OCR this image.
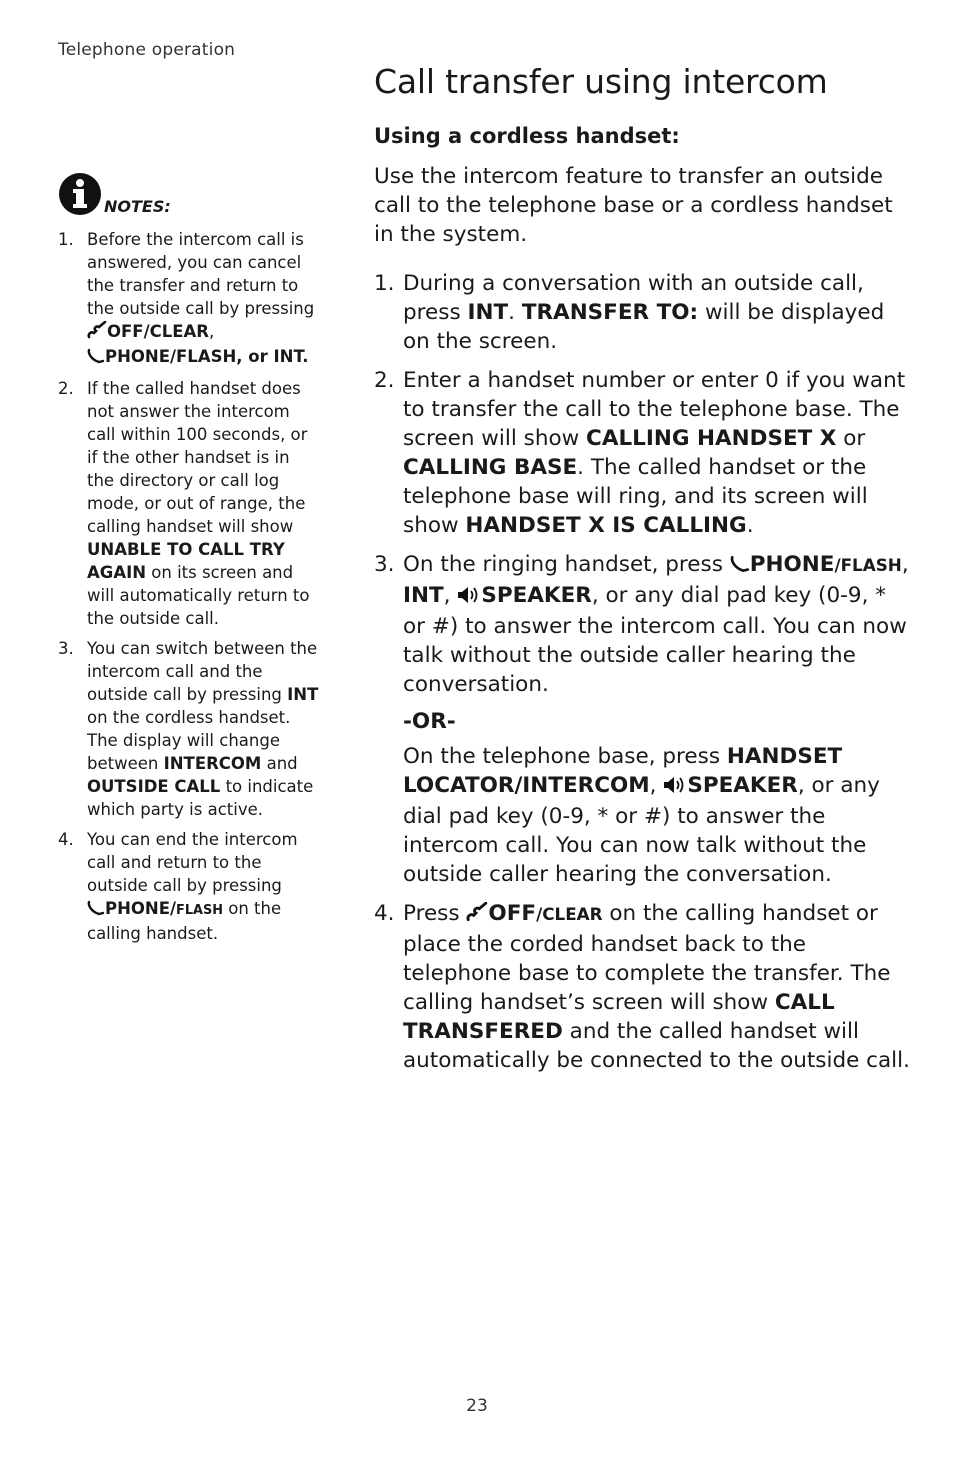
Telephone operation
Call transfer using intercom
NOTES:
1. Before the intercom call is answered, you can cancel the transfer and return to the outside call by pressing OFF/CLEAR,
PHONE/FLASH, or INT.
2. If the called handset does not answer the intercom call within 100 seconds, or if the other handset is in the directory or call log mode, or out of range, the calling handset will show UNABLE TO CALL TRY AGAIN on its screen and will automatically return to the outside call.
3. You can switch between the intercom call and the outside call by pressing INT on the cordless handset. The display will change between INTERCOM and OUTSIDE CALL to indicate which party is active.
4. You can end the intercom call and return to the outside call by pressing
PHONE/FLASH on the calling handset.

Using a cordless handset:

Use the intercom feature to transfer an outside call to the telephone base or a cordless handset in the system.

1. During a conversation with an outside call, press INT. TRANSFER TO: will be displayed on the screen.
2. Enter a handset number or enter 0 if you want to transfer the call to the telephone base. The screen will show CALLING HANDSET X or CALLING BASE. The called handset or the telephone base will ring, and its screen will show HANDSET X IS CALLING.
3. On the ringing handset, press PHONE/FLASH, INT, SPEAKER, or any dial pad key (0-9, * or #) to answer the intercom call. You can now talk without the outside caller hearing the conversation.

-OR-

On the telephone base, press HANDSET LOCATOR/INTERCOM, SPEAKER, or any dial pad key (0-9, * or #) to answer the intercom call. You can now talk without the outside caller hearing the conversation.

4. Press OFF/CLEAR on the calling handset or place the corded handset back to the telephone base to complete the transfer. The calling handset’s screen will show CALL TRANSFERED and the called handset will automatically be connected to the outside call.
23
